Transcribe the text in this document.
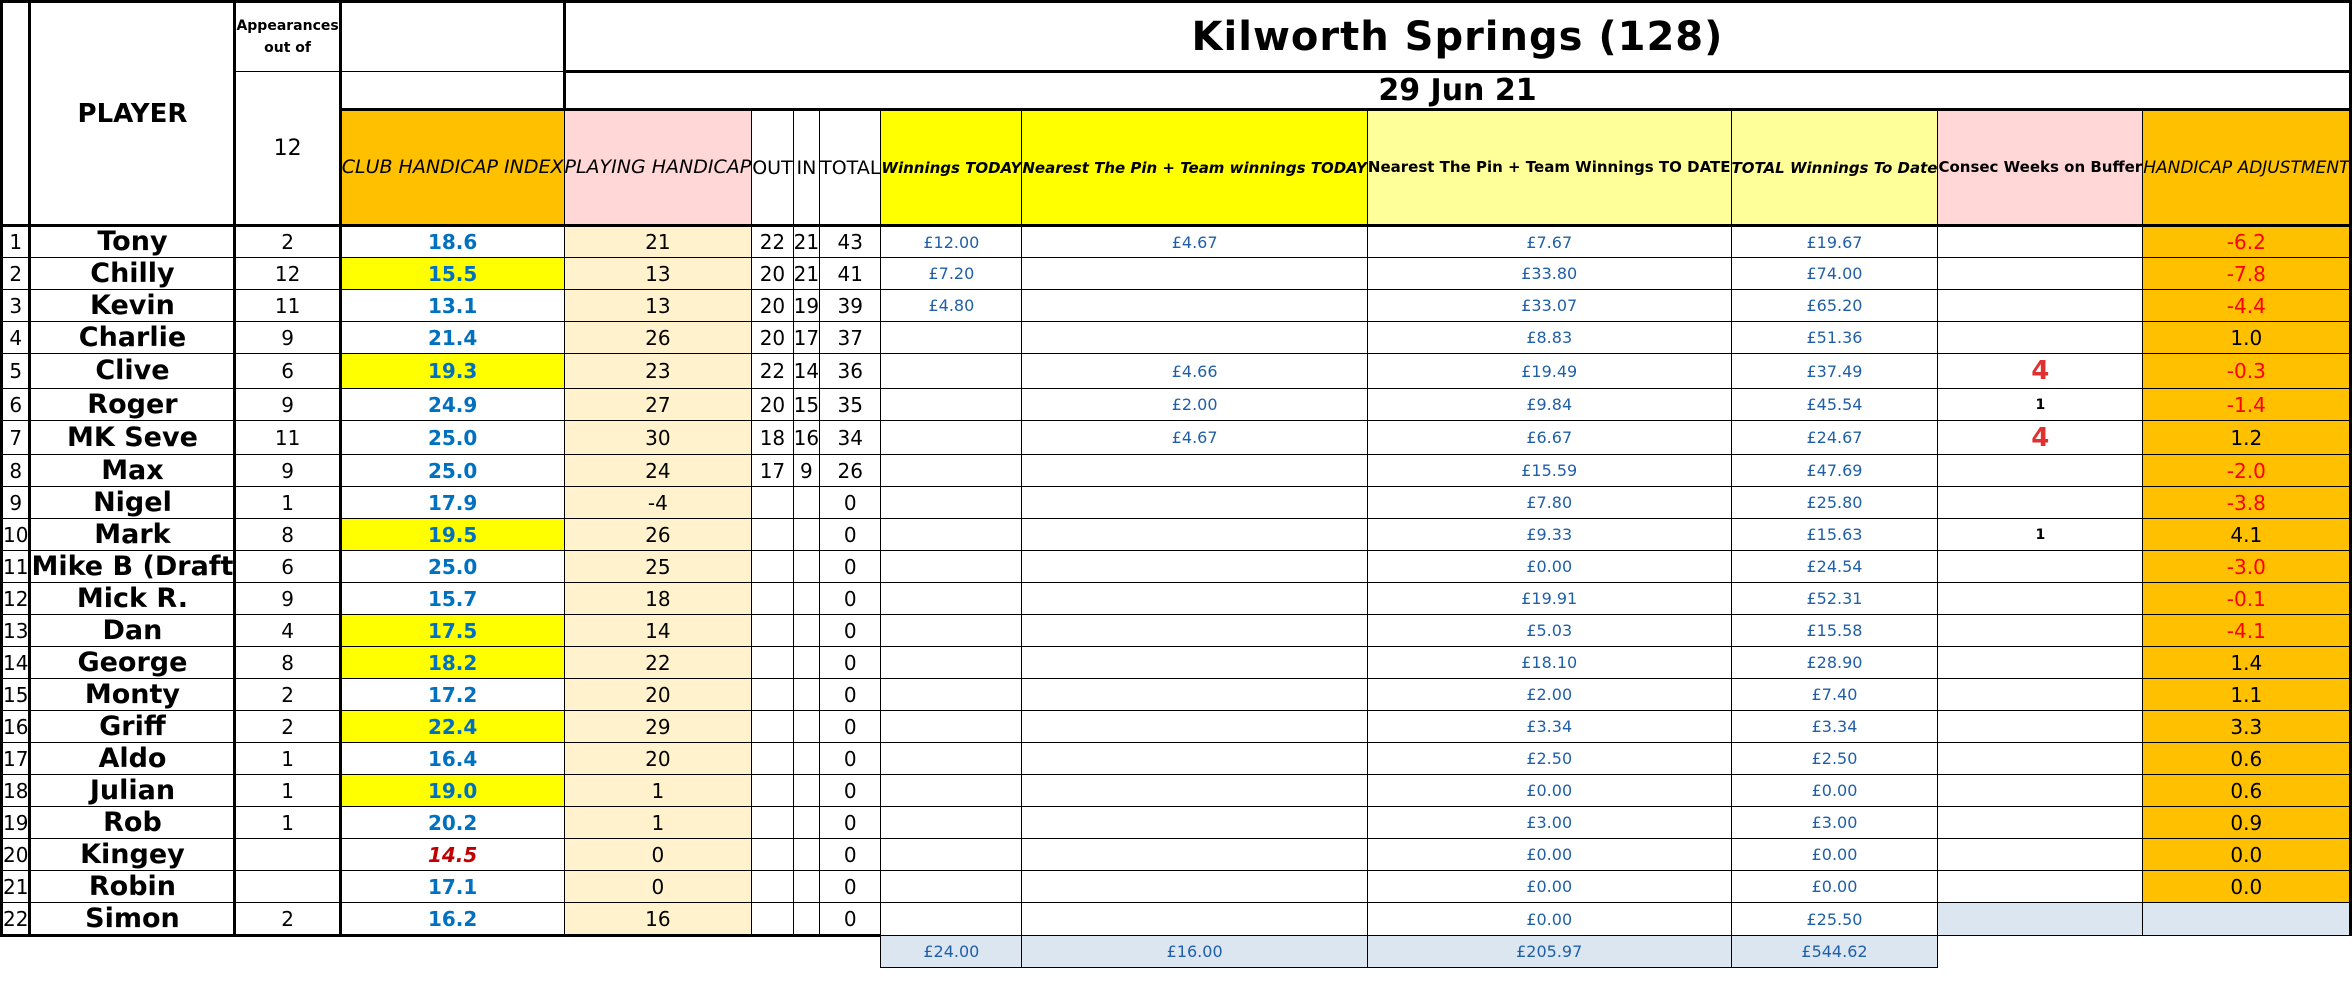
	PLAYER	Appearances
out of		Kilworth Springs (128)									
		12		29 Jun 21									
			CLUB HANDICAP INDEX	PLAYING HANDICAP	OUT	IN	TOTAL	Winnings TODAY	Nearest The Pin + Team winnings TODAY	Nearest The Pin + Team Winnings TO DATE	TOTAL Winnings To Date	Consec Weeks on Buffer	HANDICAP ADJUSTMENT
1	Tony	2	18.6	21	22	21	43	£12.00	£4.67	£7.67	£19.67		-6.2
2	Chilly	12	15.5	13	20	21	41	£7.20		£33.80	£74.00		-7.8
3	Kevin	11	13.1	13	20	19	39	£4.80		£33.07	£65.20		-4.4
4	Charlie	9	21.4	26	20	17	37			£8.83	£51.36		1.0
5	Clive	6	19.3	23	22	14	36		£4.66	£19.49	£37.49	4	-0.3
6	Roger	9	24.9	27	20	15	35		£2.00	£9.84	£45.54	1	-1.4
7	MK Seve	11	25.0	30	18	16	34		£4.67	£6.67	£24.67	4	1.2
8	Max	9	25.0	24	17	9	26			£15.59	£47.69		-2.0
9	Nigel	1	17.9	-4			0			£7.80	£25.80		-3.8
10	Mark	8	19.5	26			0			£9.33	£15.63	1	4.1
11	Mike B (Draft	6	25.0	25			0			£0.00	£24.54		-3.0
12	Mick R.	9	15.7	18			0			£19.91	£52.31		-0.1
13	Dan	4	17.5	14			0			£5.03	£15.58		-4.1
14	George	8	18.2	22			0			£18.10	£28.90		1.4
15	Monty	2	17.2	20			0			£2.00	£7.40		1.1
16	Griff	2	22.4	29			0			£3.34	£3.34		3.3
17	Aldo	1	16.4	20			0			£2.50	£2.50		0.6
18	Julian	1	19.0	1			0			£0.00	£0.00		0.6
19	Rob	1	20.2	1			0			£3.00	£3.00		0.9
20	Kingey		14.5	0			0			£0.00	£0.00		0.0
21	Robin		17.1	0			0			£0.00	£0.00		0.0
22	Simon	2	16.2	16			0			£0.00	£25.50		
								£24.00	£16.00	£205.97	£544.62		
